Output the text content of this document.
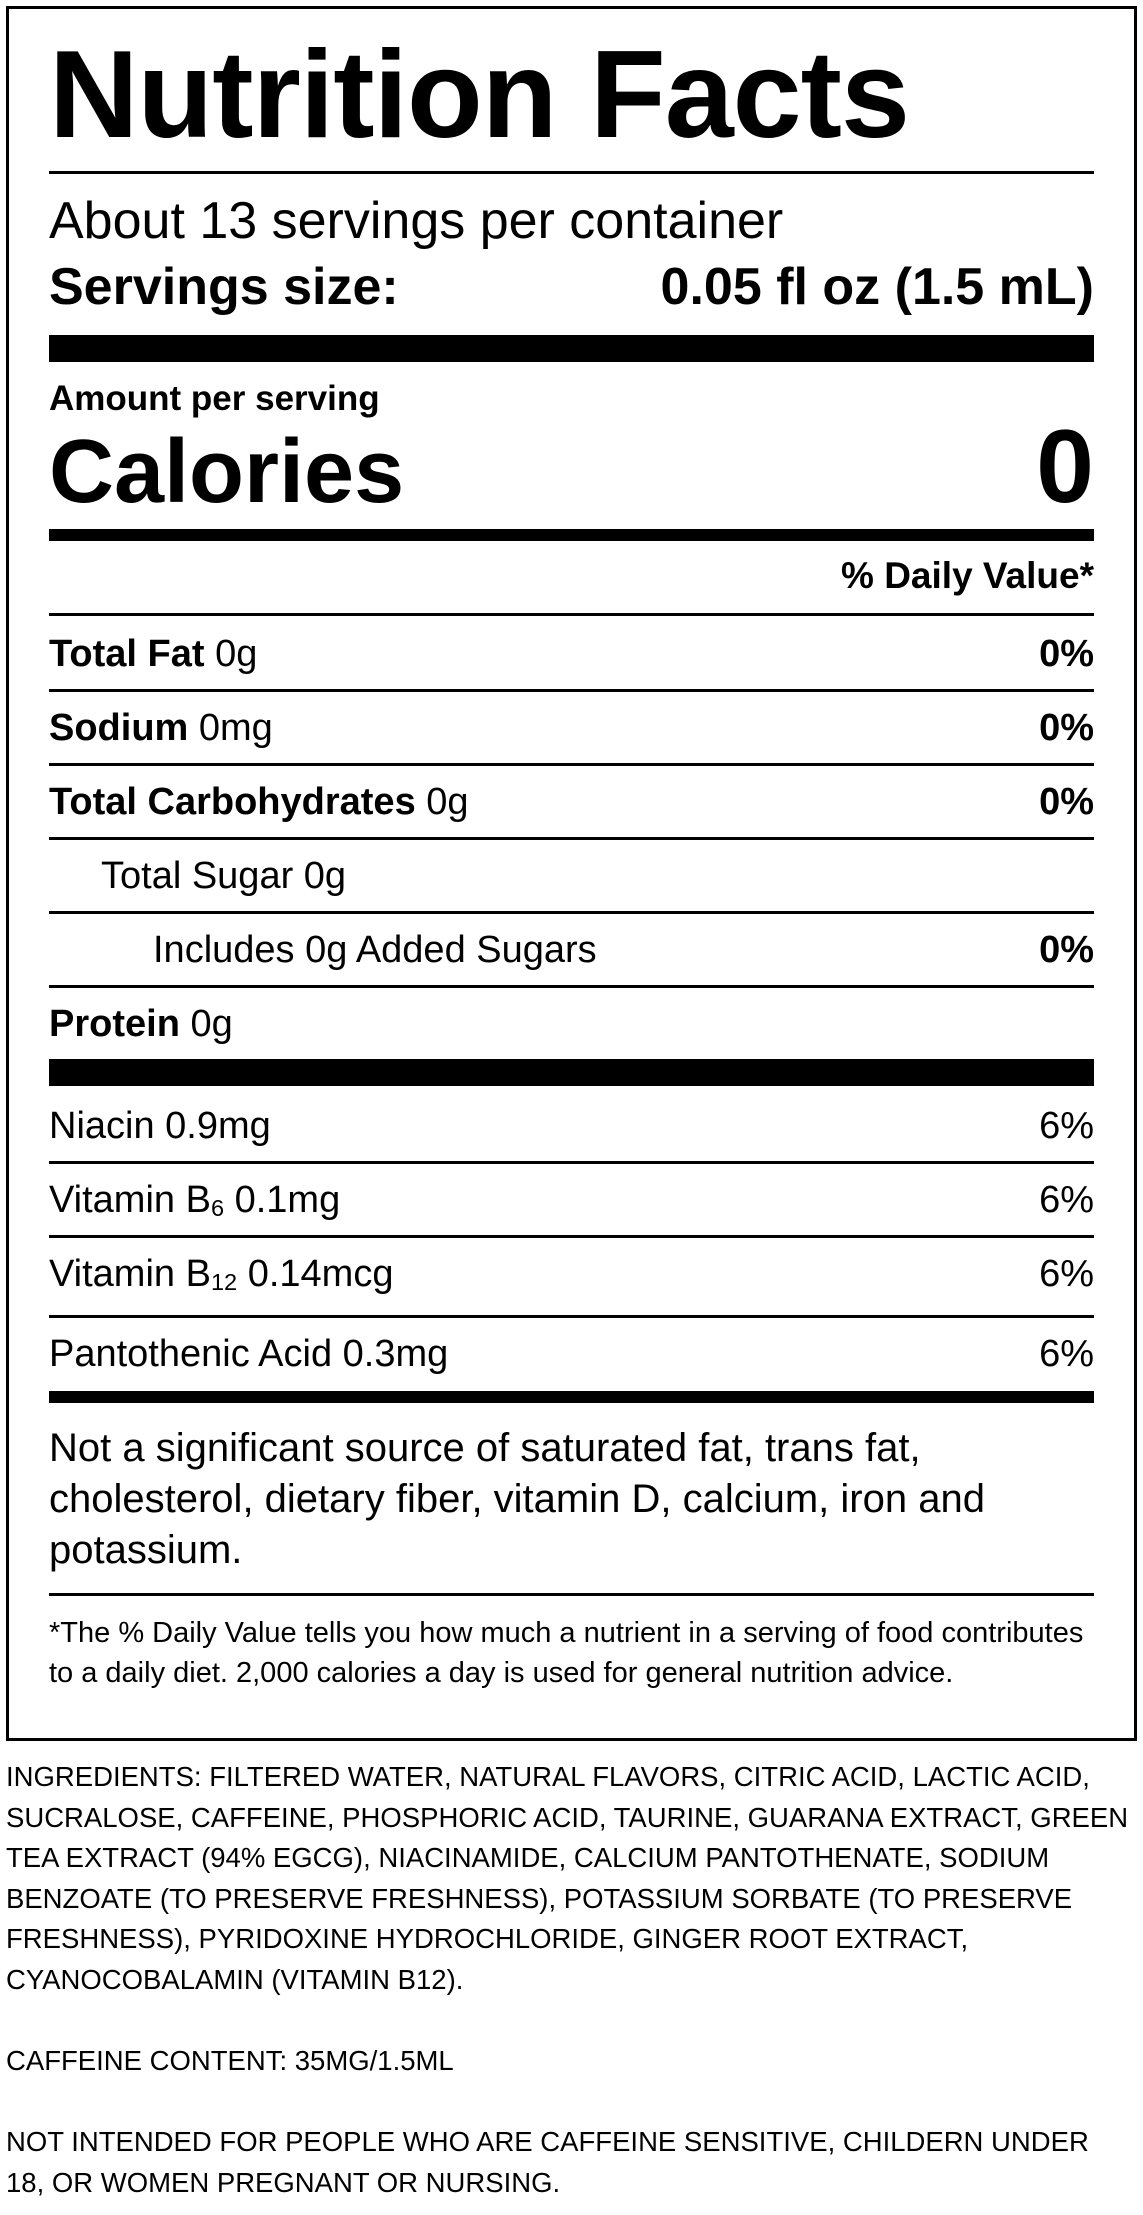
Nutrition Facts
About 13 servings per container
Servings size:	0.05 fl oz (1.5 mL)
Amount per serving
Calories	0
% Daily Value*
Total Fat 0g	0%
Sodium 0mg	0%
Total Carbohydrates 0g	0%
Total Sugar 0g
Includes 0g Added Sugars	0%
Protein 0g
Niacin 0.9mg	6%
Vitamin $B_6$ 0.1mg	6%
Vitamin $B_{12}$ 0.14mcg	6%
Pantothenic Acid 0.3mg	6%
Not a significant source of saturated fat, trans fat, cholesterol, dietary fiber, vitamin D, calcium, iron and potassium.
*The % Daily Value tells you how much a nutrient in a serving of food contributes to a daily diet. 2,000 calories a day is used for general nutrition advice.
INGREDIENTS: FILTERED WATER, NATURAL FLAVORS, CITRIC ACID, LACTIC ACID, SUCRALOSE, CAFFEINE, PHOSPHORIC ACID, TAURINE, GUARANA EXTRACT, GREEN TEA EXTRACT (94% EGCG), NIACINAMIDE, CALCIUM PANTOTHENATE, SODIUM BENZOATE (TO PRESERVE FRESHNESS), POTASSIUM SORBATE (TO PRESERVE FRESHNESS), PYRIDOXINE HYDROCHLORIDE, GINGER ROOT EXTRACT, CYANOCOBALAMIN (VITAMIN B12).
CAFFEINE CONTENT: 35MG/1.5ML
NOT INTENDED FOR PEOPLE WHO ARE CAFFEINE SENSITIVE, CHILDERN UNDER 18, OR WOMEN PREGNANT OR NURSING.
